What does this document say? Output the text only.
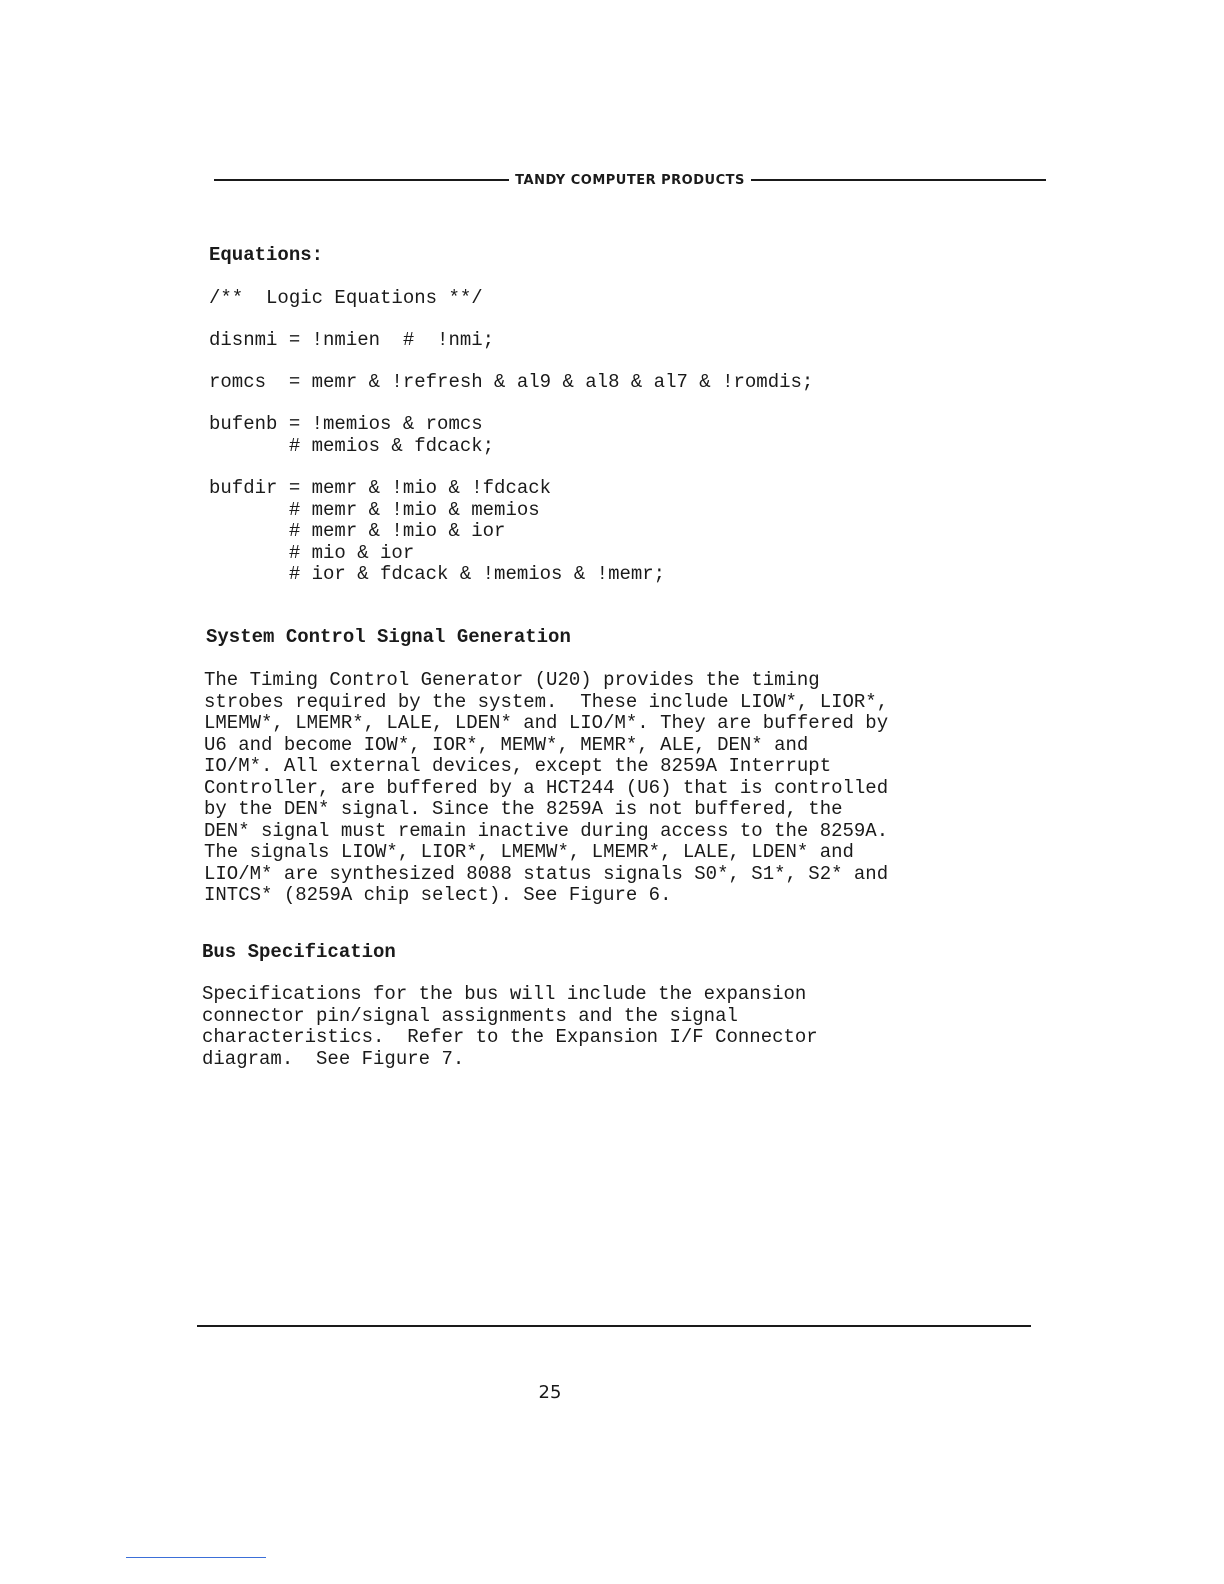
TANDY COMPUTER PRODUCTS
Equations:
/**  Logic Equations **/
disnmi = !nmien  #  !nmi;
romcs  = memr & !refresh & al9 & al8 & al7 & !romdis;
bufenb = !memios & romcs
# memios & fdcack;
bufdir = memr & !mio & !fdcack
# memr & !mio & memios
# memr & !mio & ior
# mio & ior
# ior & fdcack & !memios & !memr;
System Control Signal Generation
The Timing Control Generator (U20) provides the timing
strobes required by the system.  These include LIOW*, LIOR*,
LMEMW*, LMEMR*, LALE, LDEN* and LIO/M*. They are buffered by
U6 and become IOW*, IOR*, MEMW*, MEMR*, ALE, DEN* and
IO/M*. All external devices, except the 8259A Interrupt
Controller, are buffered by a HCT244 (U6) that is controlled
by the DEN* signal. Since the 8259A is not buffered, the
DEN* signal must remain inactive during access to the 8259A.
The signals LIOW*, LIOR*, LMEMW*, LMEMR*, LALE, LDEN* and
LIO/M* are synthesized 8088 status signals S0*, S1*, S2* and
INTCS* (8259A chip select). See Figure 6.
Bus Specification
Specifications for the bus will include the expansion
connector pin/signal assignments and the signal
characteristics.  Refer to the Expansion I/F Connector
diagram.  See Figure 7.
25
